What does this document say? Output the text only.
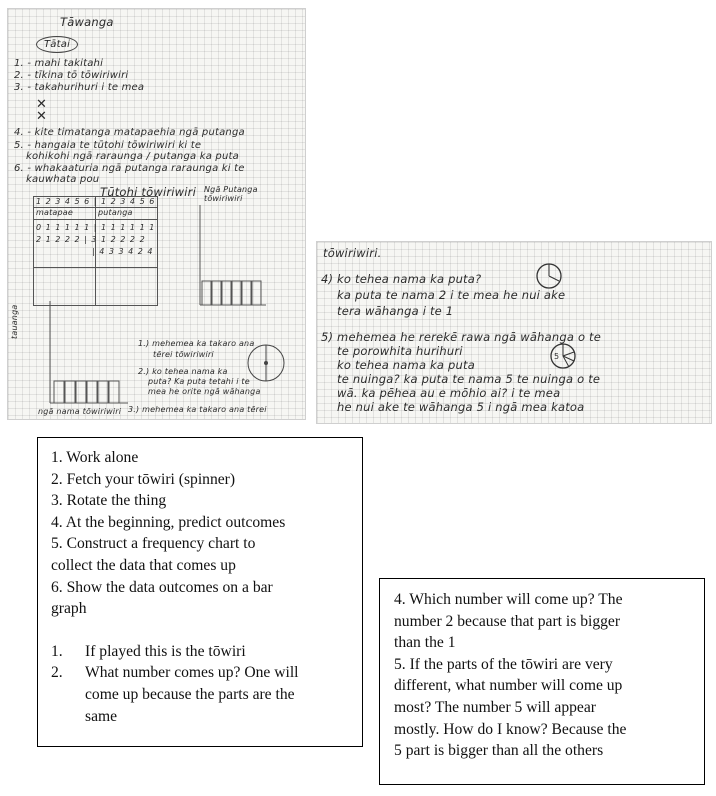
Tāwanga
Tātai
1. - mahi takitahi
2. - tīkina tō tōwiriwiri
3. - takahurihuri i te mea
✕
✕
4. - kite timatanga matapaehia ngā putanga
5. - hangaia te tūtohi tōwiriwiri ki te
kohikohi ngā raraunga / putanga ka puta
6. - whakaaturia ngā putanga raraunga ki te
kauwhata pou
Tūtohi tōwiriwiri Ngā Putanga tōwiriwiri
matapae	putanga
1 2 3 4 5 6 | 1 2 3 4 5 6
0 1 1 1 1 1 | 1 1 1 1 1 1
2 1 2 2 2 | 3 1 2 2 2 2
| 4 3 3 4 2 4
tauanga
1.) mehemea ka takaro ana
tērei tōwiriwiri
2.) ko tehea nama ka
puta? Ka puta tetahi i te
mea he orite ngā wāhanga
3.) mehemea ka takaro ana tērei
ngā nama tōwiriwiri
tōwiriwiri.
4) ko tehea nama ka puta?
ka puta te nama 2 i te mea he nui ake
tera wāhanga i te 1
5) mehemea he rerekē rawa ngā wāhanga o te
te porowhita hurihuri
ko tehea nama ka puta
te nuinga? ka puta te nama 5 te nuinga o te
wā. ka pēhea au e mōhio ai? i te mea
he nui ake te wāhanga 5 i ngā mea katoa
5
1. Work alone
2. Fetch your tōwiri (spinner)
3. Rotate the thing
4. At the beginning, predict outcomes
5. Construct a frequency chart to
collect the data that comes up
6. Show the data outcomes on a bar
graph
1.	If played this is the tōwiri
2.	What number comes up? One will
come up because the parts are the
same
4. Which number will come up? The
number 2 because that part is bigger
than the 1
5. If the parts of the tōwiri are very
different, what number will come up
most? The number 5 will appear
mostly. How do I know? Because the
5 part is bigger than all the others
